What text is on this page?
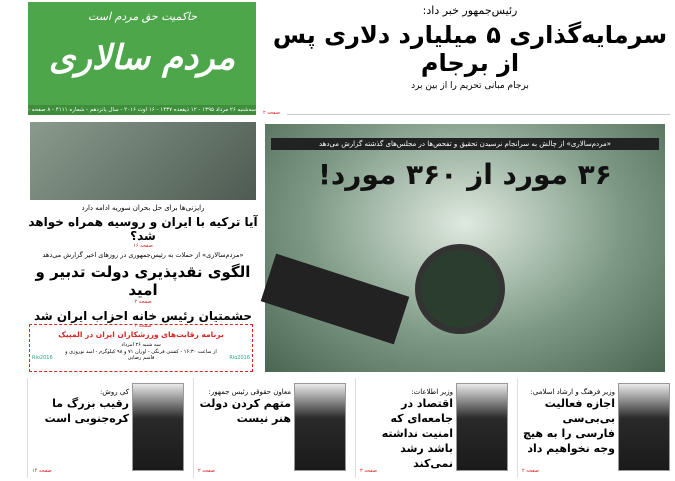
حاکمیت حق مردم است
مردم سالاری
سه‌شنبه ۲۶ مرداد ۱۳۹۵ - ۱۲ ذیقعده ۱۴۳۷ - ۱۶ اوت ۲۰۱۶ - سال پانزدهم - شماره ۴۱۱۱ - ۸ صفحه - ۱۰۰۰ تومان
رئیس‌جمهور خبر داد:
سرمایه‌گذاری ۵ میلیارد دلاری پس از برجام
برجام مبانی تحریم را از بین برد
صفحه ۲
«مردم‌سالاری» از چالش به سرانجام نرسیدن تحقیق و تفحص‌ها در مجلس‌های گذشته گزارش می‌دهد
۳۶ مورد از ۳۶۰ مورد!
رایزنی‌ها برای حل بحران سوریه ادامه دارد
آیا ترکیه با ایران و روسیه همراه خواهد شد؟
صفحه ۱۶
«مردم‌سالاری» از حملات به رئیس‌جمهوری در روزهای اخیر گزارش می‌دهد
الگوی نقدپذیری دولت تدبیر و امید
صفحه ۲
حشمتیان رئیس خانه احزاب ایران شد
صفحه ۲
Rio2016	Rio2016
برنامه رقابت‌های ورزشکاران ایران در المپیک
سه شنبه ۲۶ امرداد
از ساعت ۱۶:۳۰ - کشتی فرنگی - اوزان ۷۱ و ۹۸ کیلوگرم - امید نوروزی و قاسم رضایی
وزیر فرهنگ و ارشاد اسلامی:
اجازه فعالیت بی‌بی‌سی فارسی را به هیچ وجه نخواهیم داد
صفحه ۲
وزیر اطلاعات:
اقتصاد در جامعه‌ای که امنیت نداشته باشد رشد نمی‌کند
صفحه ۳
معاون حقوقی رئیس جمهور:
متهم کردن دولت هنر نیست
صفحه ۲
کی روش:
رقیب بزرگ ما کره‌جنوبی است
صفحه ۱۴
